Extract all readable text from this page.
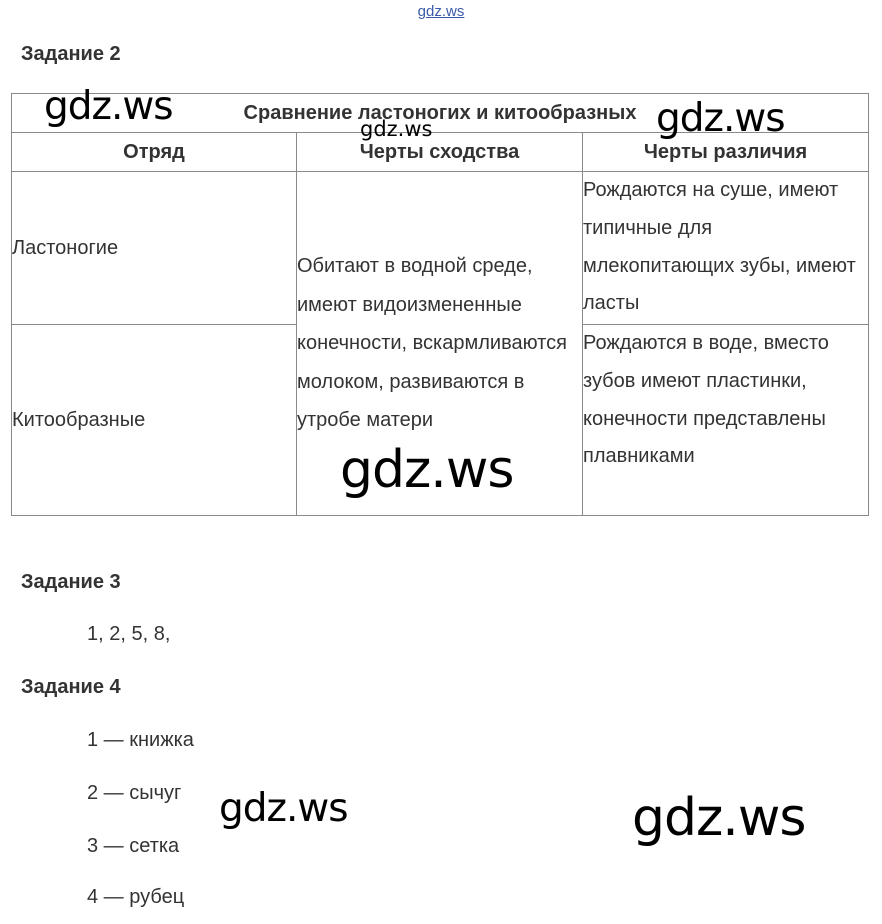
gdz.ws
Задание 2
Сравнение ластоногих и китообразных		
Отряд	Черты сходства	Черты различия
Ластоногие	Обитают в водной среде, имеют видоизмененные конечности, вскармливаются молоком, развиваются в утробе матери	Рождаются на суше, имеют типичные для млекопитающих зубы, имеют ласты
Китообразные		Рождаются в воде, вместо зубов имеют пластинки, конечности представлены плавниками
Задание 3
1, 2, 5, 8,
Задание 4
1 — книжка
2 — сычуг
3 — сетка
4 — рубец
gdz.ws	gdz.ws	gdz.ws
gdz.ws
gdz.ws	gdz.ws
